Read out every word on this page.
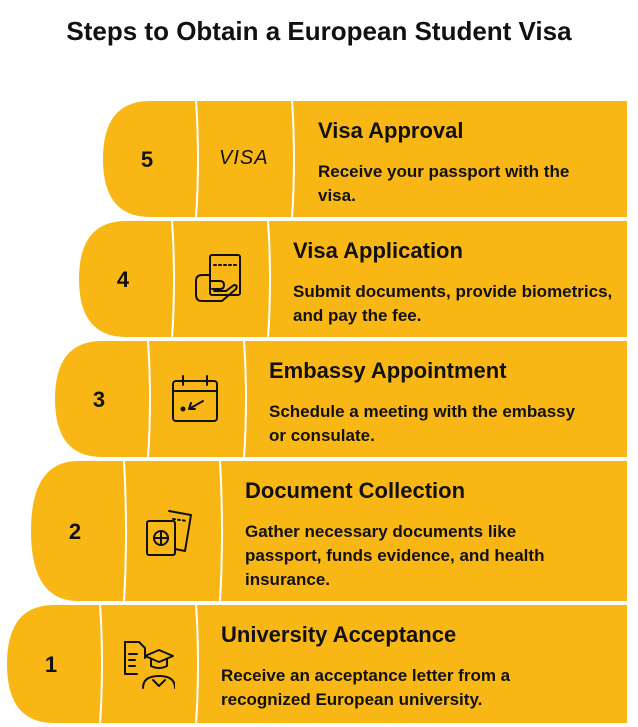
Steps to Obtain a European Student Visa
5	VISA
Visa Approval
Receive your passport with the visa.
4
Visa Application
Submit documents, provide biometrics, and pay the fee.
3
Embassy Appointment
Schedule a meeting with the embassy or consulate.
2
Document Collection
Gather necessary documents like passport, funds evidence, and health insurance.
1
University Acceptance
Receive an acceptance letter from a recognized European university.
